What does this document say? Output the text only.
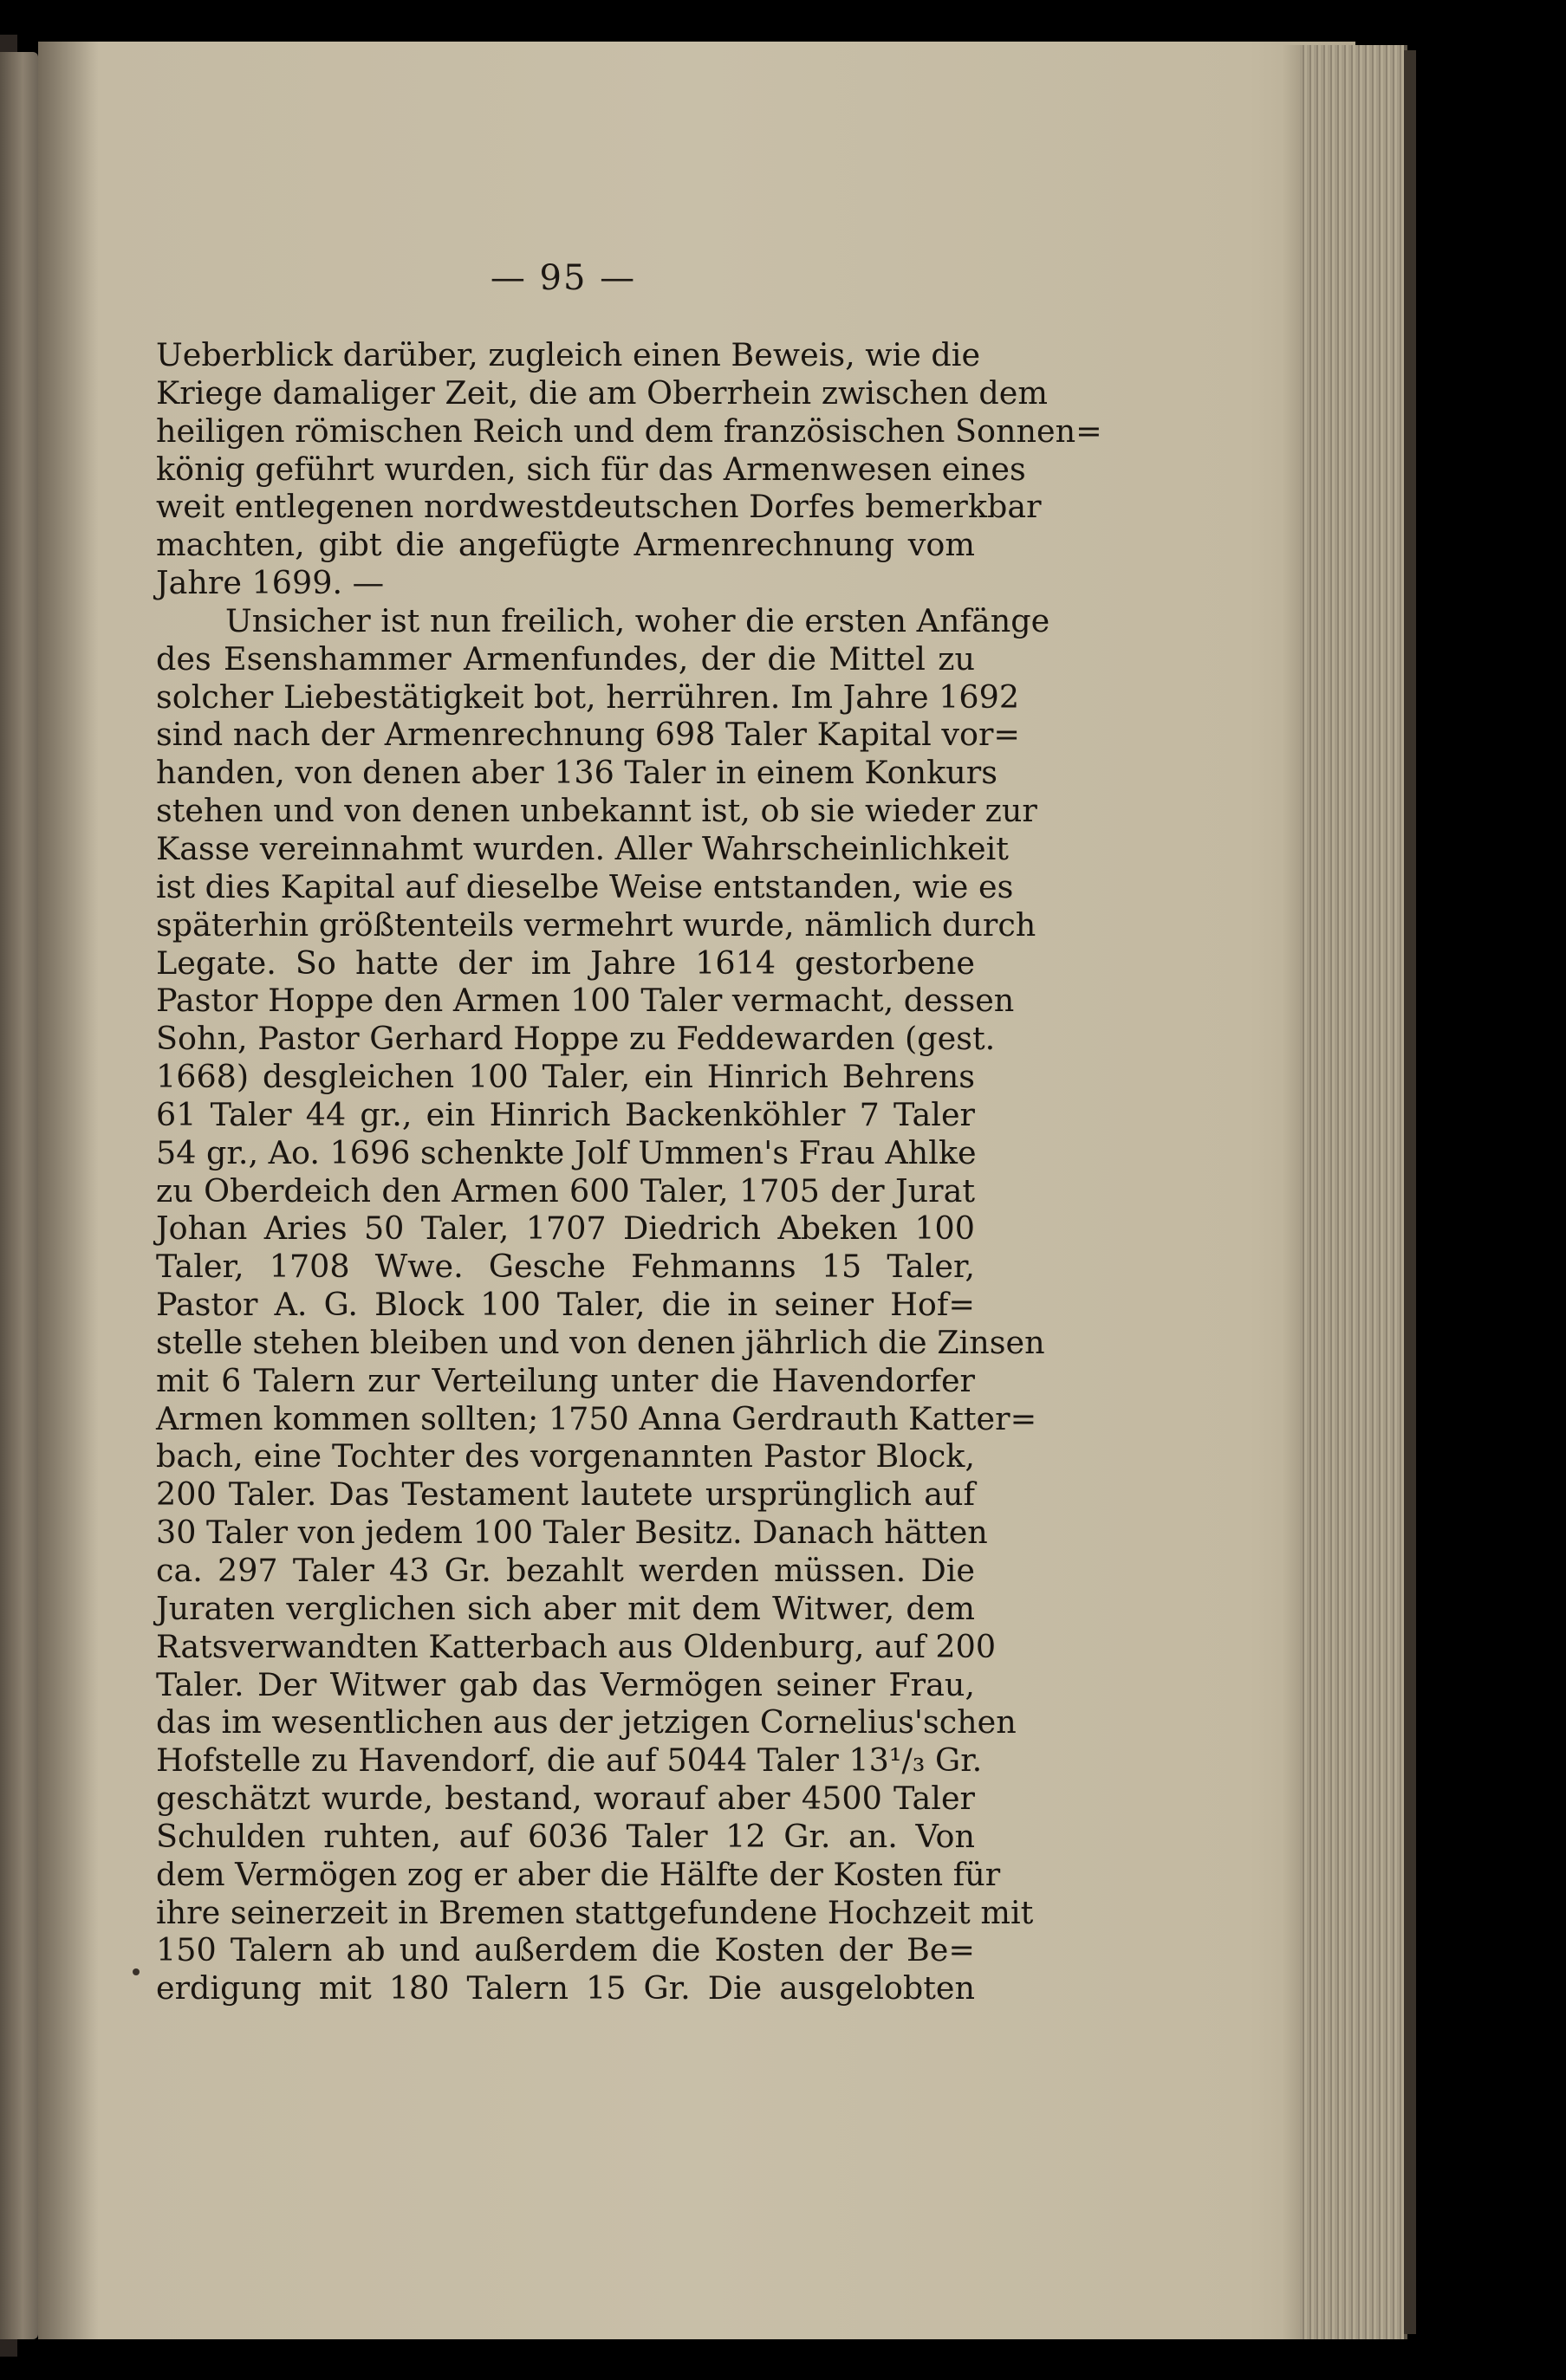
— 95 —
Ueberblick darüber, zugleich einen Beweis, wie die
Kriege damaliger Zeit, die am Oberrhein zwischen dem
heiligen römischen Reich und dem französischen Sonnen=
könig geführt wurden, sich für das Armenwesen eines
weit entlegenen nordwestdeutschen Dorfes bemerkbar
machten, gibt die angefügte Armenrechnung vom
Jahre 1699. —
Unsicher ist nun freilich, woher die ersten Anfänge
des Esenshammer Armenfundes, der die Mittel zu
solcher Liebestätigkeit bot, herrühren. Im Jahre 1692
sind nach der Armenrechnung 698 Taler Kapital vor=
handen, von denen aber 136 Taler in einem Konkurs
stehen und von denen unbekannt ist, ob sie wieder zur
Kasse vereinnahmt wurden. Aller Wahrscheinlichkeit
ist dies Kapital auf dieselbe Weise entstanden, wie es
späterhin größtenteils vermehrt wurde, nämlich durch
Legate. So hatte der im Jahre 1614 gestorbene
Pastor Hoppe den Armen 100 Taler vermacht, dessen
Sohn, Pastor Gerhard Hoppe zu Feddewarden (gest.
1668) desgleichen 100 Taler, ein Hinrich Behrens
61 Taler 44 gr., ein Hinrich Backenköhler 7 Taler
54 gr., Ao. 1696 schenkte Jolf Ummen's Frau Ahlke
zu Oberdeich den Armen 600 Taler, 1705 der Jurat
Johan Aries 50 Taler, 1707 Diedrich Abeken 100
Taler, 1708 Wwe. Gesche Fehmanns 15 Taler,
Pastor A. G. Block 100 Taler, die in seiner Hof=
stelle stehen bleiben und von denen jährlich die Zinsen
mit 6 Talern zur Verteilung unter die Havendorfer
Armen kommen sollten; 1750 Anna Gerdrauth Katter=
bach, eine Tochter des vorgenannten Pastor Block,
200 Taler. Das Testament lautete ursprünglich auf
30 Taler von jedem 100 Taler Besitz. Danach hätten
ca. 297 Taler 43 Gr. bezahlt werden müssen. Die
Juraten verglichen sich aber mit dem Witwer, dem
Ratsverwandten Katterbach aus Oldenburg, auf 200
Taler. Der Witwer gab das Vermögen seiner Frau,
das im wesentlichen aus der jetzigen Cornelius'schen
Hofstelle zu Havendorf, die auf 5044 Taler 13¹/₃ Gr.
geschätzt wurde, bestand, worauf aber 4500 Taler
Schulden ruhten, auf 6036 Taler 12 Gr. an. Von
dem Vermögen zog er aber die Hälfte der Kosten für
ihre seinerzeit in Bremen stattgefundene Hochzeit mit
150 Talern ab und außerdem die Kosten der Be=
erdigung mit 180 Talern 15 Gr. Die ausgelobten
